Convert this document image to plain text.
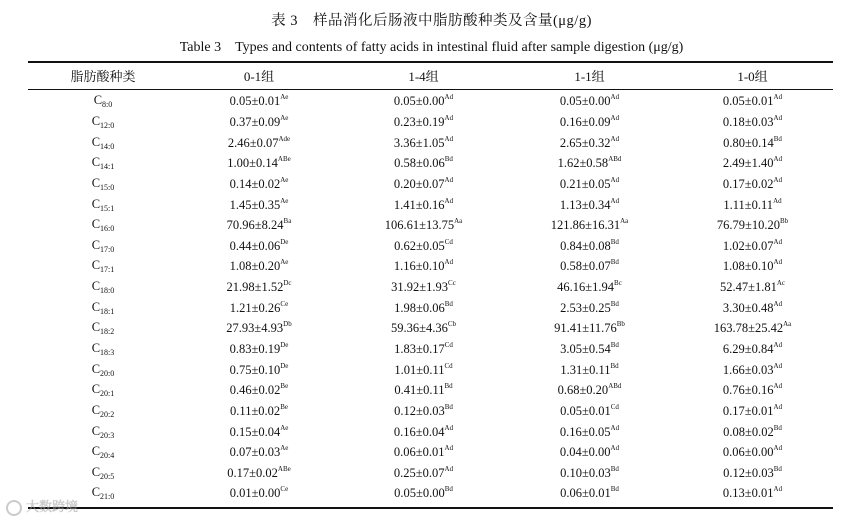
表 3　样品消化后肠液中脂肪酸种类及含量(μg/g)
Table 3　Types and contents of fatty acids in intestinal fluid after sample digestion (μg/g)
脂肪酸种类	0-1组	1-4组	1-1组	1-0组
$C_{8:0}$	$0.05\pm 0.01^{Ae}$	$0.05\pm 0.00^{Ad}$	$0.05\pm 0.00^{Ad}$	$0.05\pm 0.01^{Ad}$
$C_{12:0}$	$0.37\pm 0.09^{Ae}$	$0.23\pm 0.19^{Ad}$	$0.16\pm 0.09^{Ad}$	$0.18\pm 0.03^{Ad}$
$C_{14:0}$	$2.46\pm 0.07^{Ade}$	$3.36\pm 1.05^{Ad}$	$2.65\pm 0.32^{Ad}$	$0.80\pm 0.14^{Bd}$
$C_{14:1}$	$1.00\pm 0.14^{ABe}$	$0.58\pm 0.06^{Bd}$	$1.62\pm 0.58^{ABd}$	$2.49\pm 1.40^{Ad}$
$C_{15:0}$	$0.14\pm 0.02^{Ae}$	$0.20\pm 0.07^{Ad}$	$0.21\pm 0.05^{Ad}$	$0.17\pm 0.02^{Ad}$
$C_{15:1}$	$1.45\pm 0.35^{Ae}$	$1.41\pm 0.16^{Ad}$	$1.13\pm 0.34^{Ad}$	$1.11\pm 0.11^{Ad}$
$C_{16:0}$	$70.96\pm 8.24^{Ba}$	$106.61\pm 13.75^{Aa}$	$121.86\pm 16.31^{Aa}$	$76.79\pm 10.20^{Bb}$
$C_{17:0}$	0.44±0.06De	$0.62\pm 0.05^{Cd}$	$0.84\pm 0.08^{Bd}$	$1.02\pm 0.07^{Ad}$
$C_{17:1}$	$1.08\pm 0.20^{Ae}$	$1.16\pm 0.10^{Ad}$	$0.58\pm 0.07^{Bd}$	$1.08\pm 0.10^{Ad}$
$C_{18:0}$	$21.98\pm 1.52^{Dc}$	$31.92\pm 1.93^{Cc}$	$46.16\pm 1.94^{Bc}$	$52.47\pm 1.81^{Ac}$
$C_{18:1}$	$1.21\pm 0.26^{Ce}$	$1.98\pm 0.06^{Bd}$	$2.53\pm 0.25^{Bd}$	$3.30\pm 0.48^{Ad}$
$C_{18:2}$	$27.93\pm 4.93^{Db}$	$59.36\pm 4.36^{Cb}$	$91.41\pm 11.76^{Bb}$	$163.78\pm 25.42^{Aa}$
$C_{18:3}$	0.83±0.19De	$1.83\pm 0.17^{Cd}$	$3.05\pm 0.54^{Bd}$	$6.29\pm 0.84^{Ad}$
$C_{20:0}$	0.75±0.10De	$1.01\pm 0.11^{Cd}$	$1.31\pm 0.11^{Bd}$	$1.66\pm 0.03^{Ad}$
$C_{20:1}$	$0.46\pm 0.02^{Be}$	$0.41\pm 0.11^{Bd}$	$0.68\pm 0.20^{ABd}$	$0.76\pm 0.16^{Ad}$
$C_{20:2}$	$0.11\pm 0.02^{Be}$	$0.12\pm 0.03^{Bd}$	$0.05\pm 0.01^{Cd}$	$0.17\pm 0.01^{Ad}$
$C_{20:3}$	$0.15\pm 0.04^{Ae}$	$0.16\pm 0.04^{Ad}$	$0.16\pm 0.05^{Ad}$	$0.08\pm 0.02^{Bd}$
$C_{20:4}$	$0.07\pm 0.03^{Ae}$	$0.06\pm 0.01^{Ad}$	$0.04\pm 0.00^{Ad}$	$0.06\pm 0.00^{Ad}$
$C_{20:5}$	$0.17\pm 0.02^{ABe}$	$0.25\pm 0.07^{Ad}$	$0.10\pm 0.03^{Bd}$	$0.12\pm 0.03^{Bd}$
$C_{21:0}$	$0.01\pm 0.00^{Ce}$	$0.05\pm 0.00^{Bd}$	$0.06\pm 0.01^{Bd}$	$0.13\pm 0.01^{Ad}$
大数跨境
